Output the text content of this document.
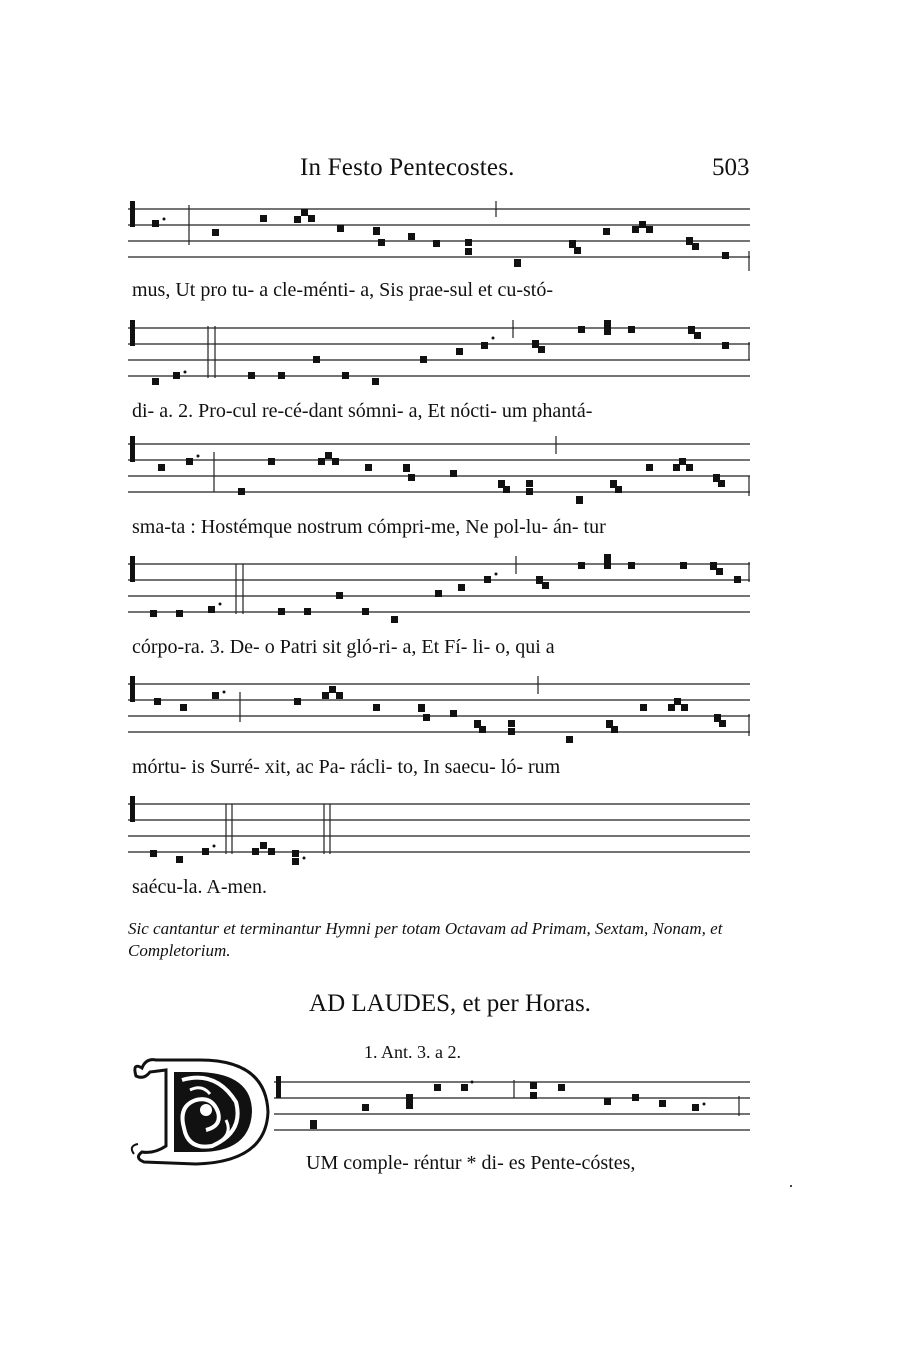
In Festo Pentecostes.	503
mus, Ut pro tu- a cle-ménti- a, Sis prae-sul et cu-stó-
di- a. 2. Pro-cul re-cé-dant sómni- a, Et nócti- um phantá-
sma-ta : Hostémque nostrum cómpri-me, Ne pol-lu- án- tur
córpo-ra. 3. De- o Patri sit gló-ri- a, Et Fí- li- o, qui a
mórtu- is Surré- xit, ac Pa- rácli- to, In saecu- ló- rum
saécu-la. A-men.
Sic cantantur et terminantur Hymni per totam Octavam ad Primam, Sextam, Nonam, et Completorium.
AD LAUDES, et per Horas.
1. Ant. 3. a 2.
UM comple- réntur * di- es Pente-cóstes,
